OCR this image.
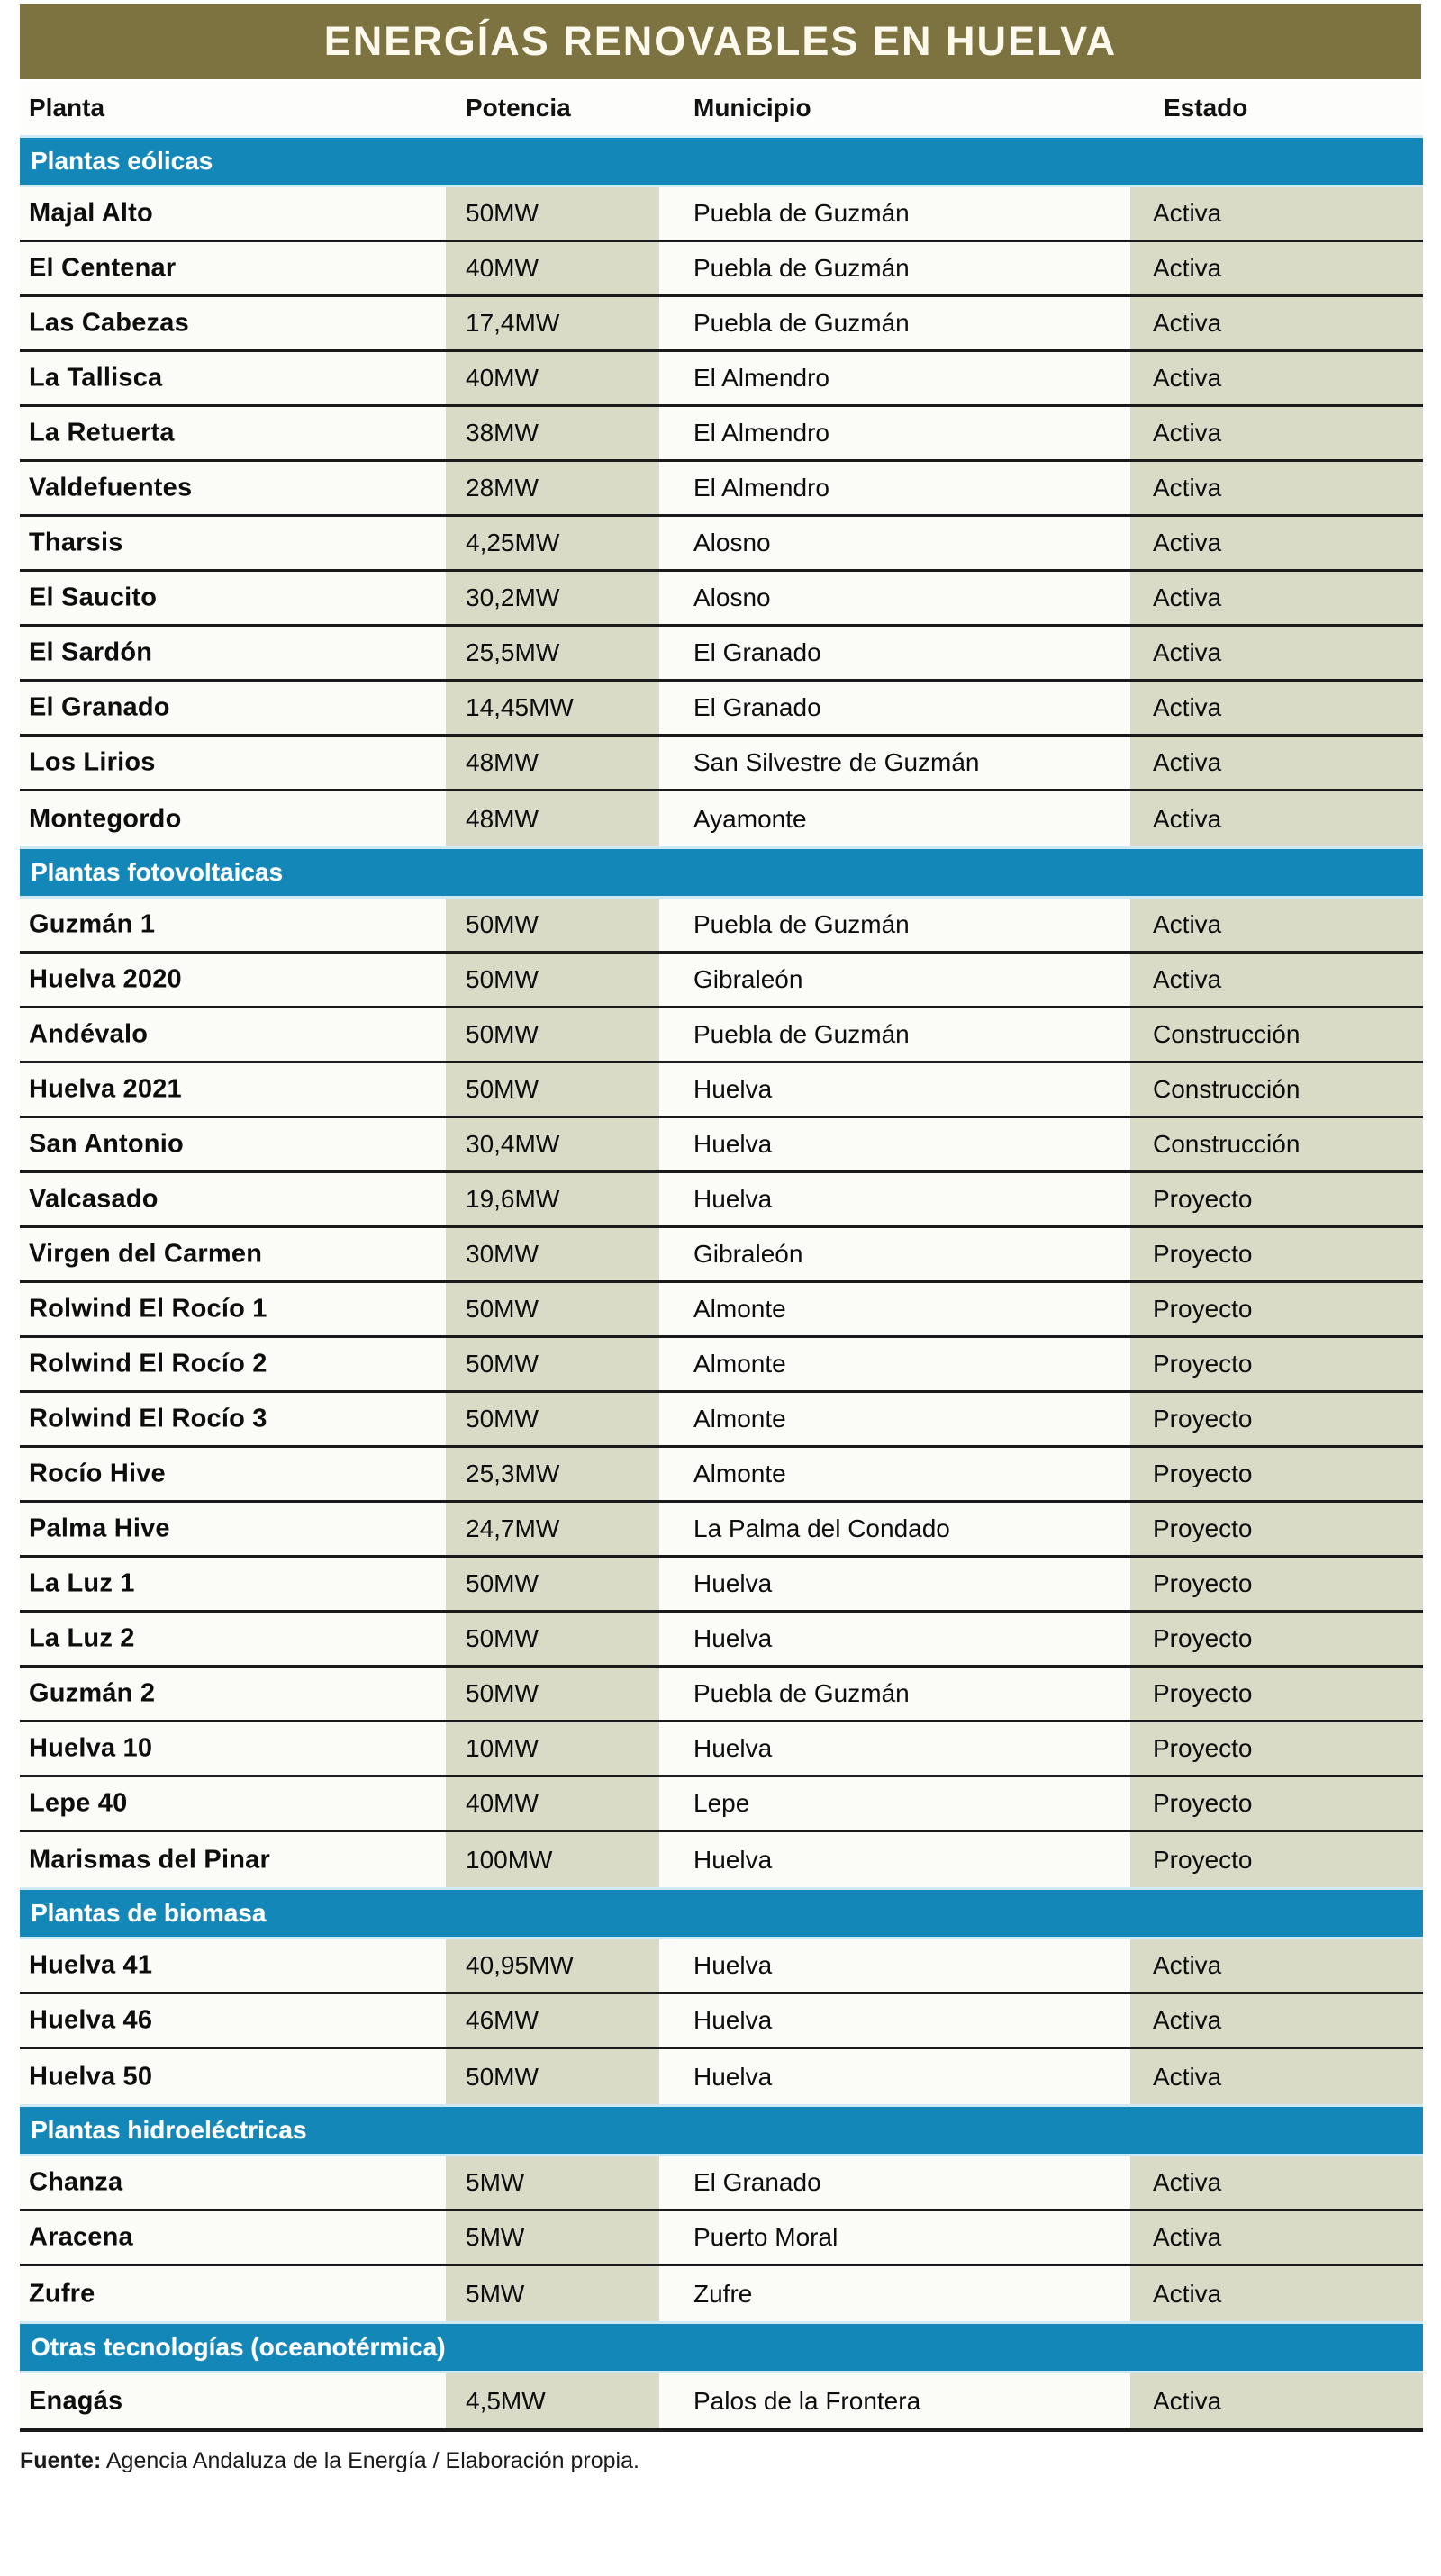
ENERGÍAS RENOVABLES EN HUELVA
Planta	Potencia	Municipio	Estado
Plantas eólicas
Majal Alto	50MW	Puebla de Guzmán	Activa
El Centenar	40MW	Puebla de Guzmán	Activa
Las Cabezas	17,4MW	Puebla de Guzmán	Activa
La Tallisca	40MW	El Almendro	Activa
La Retuerta	38MW	El Almendro	Activa
Valdefuentes	28MW	El Almendro	Activa
Tharsis	4,25MW	Alosno	Activa
El Saucito	30,2MW	Alosno	Activa
El Sardón	25,5MW	El Granado	Activa
El Granado	14,45MW	El Granado	Activa
Los Lirios	48MW	San Silvestre de Guzmán	Activa
Montegordo	48MW	Ayamonte	Activa
Plantas fotovoltaicas
Guzmán 1	50MW	Puebla de Guzmán	Activa
Huelva 2020	50MW	Gibraleón	Activa
Andévalo	50MW	Puebla de Guzmán	Construcción
Huelva 2021	50MW	Huelva	Construcción
San Antonio	30,4MW	Huelva	Construcción
Valcasado	19,6MW	Huelva	Proyecto
Virgen del Carmen	30MW	Gibraleón	Proyecto
Rolwind El Rocío 1	50MW	Almonte	Proyecto
Rolwind El Rocío 2	50MW	Almonte	Proyecto
Rolwind El Rocío 3	50MW	Almonte	Proyecto
Rocío Hive	25,3MW	Almonte	Proyecto
Palma Hive	24,7MW	La Palma del Condado	Proyecto
La Luz 1	50MW	Huelva	Proyecto
La Luz 2	50MW	Huelva	Proyecto
Guzmán 2	50MW	Puebla de Guzmán	Proyecto
Huelva 10	10MW	Huelva	Proyecto
Lepe 40	40MW	Lepe	Proyecto
Marismas del Pinar	100MW	Huelva	Proyecto
Plantas de biomasa
Huelva 41	40,95MW	Huelva	Activa
Huelva 46	46MW	Huelva	Activa
Huelva 50	50MW	Huelva	Activa
Plantas hidroeléctricas
Chanza	5MW	El Granado	Activa
Aracena	5MW	Puerto Moral	Activa
Zufre	5MW	Zufre	Activa
Otras tecnologías (oceanotérmica)
Enagás	4,5MW	Palos de la Frontera	Activa
Fuente: Agencia Andaluza de la Energía / Elaboración propia.
